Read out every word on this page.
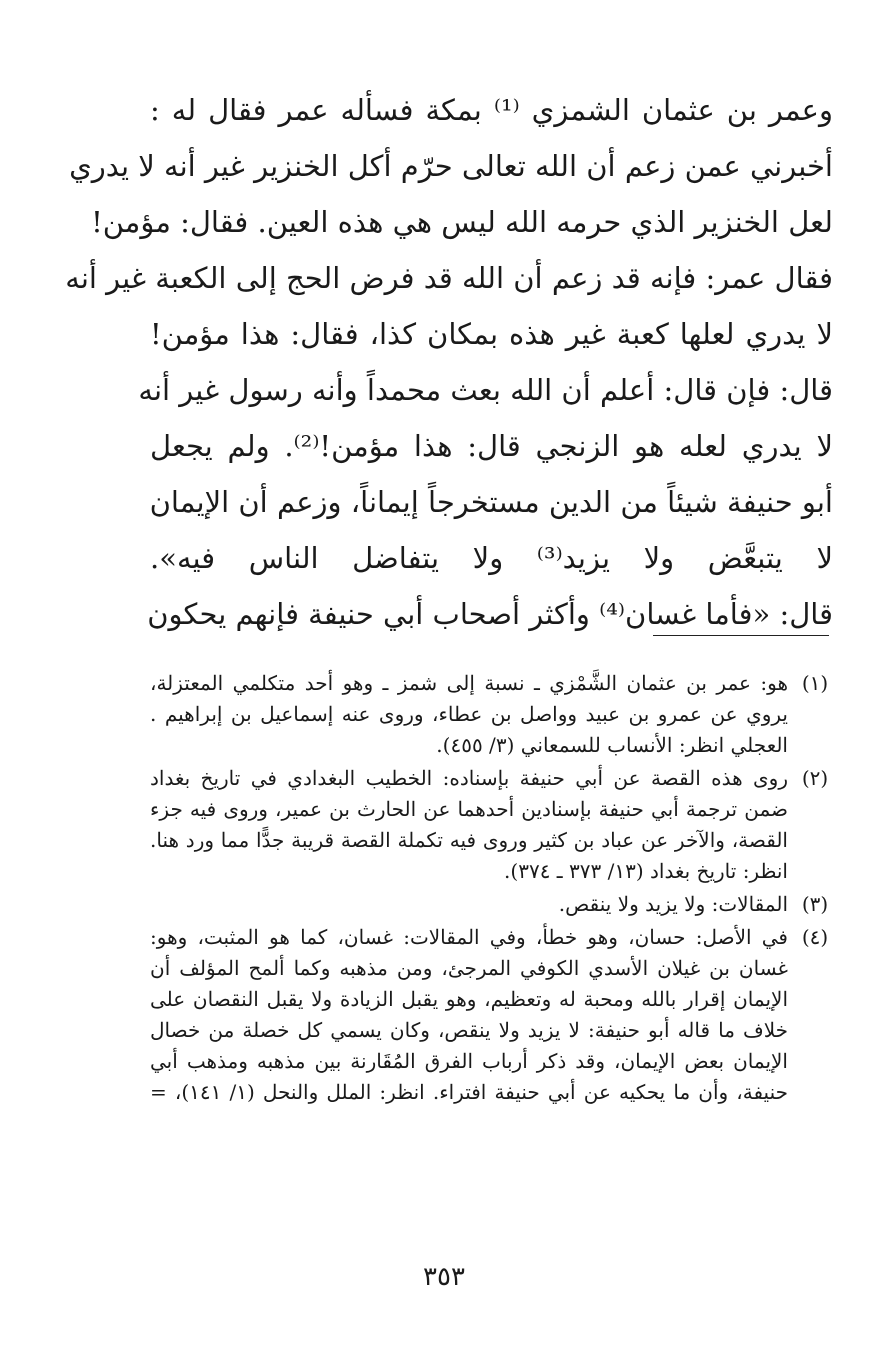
وعمر بن عثمان الشمزي ⁽¹⁾ بمكة فسأله عمر فقال له :
أخبرني عمن زعم أن الله تعالى حرّم أكل الخنزير غير أنه لا يدري
لعل الخنزير الذي حرمه الله ليس هي هذه العين. فقال: مؤمن!
فقال عمر: فإنه قد زعم أن الله قد فرض الحج إلى الكعبة غير أنه
لا يدري لعلها كعبة غير هذه بمكان كذا، فقال: هذا مؤمن!
قال: فإن قال: أعلم أن الله بعث محمداً وأنه رسول غير أنه
لا يدري لعله هو الزنجي قال: هذا مؤمن!⁽²⁾. ولم يجعل
أبو حنيفة شيئاً من الدين مستخرجاً إيماناً، وزعم أن الإيمان
لا يتبعَّض ولا يزيد⁽³⁾ ولا يتفاضل الناس فيه».
قال: «فأما غسان⁽⁴⁾ وأكثر أصحاب أبي حنيفة فإنهم يحكون
(١)
هو: عمر بن عثمان الشَّمْزي ـ نسبة إلى شمز ـ وهو أحد متكلمي المعتزلة،
يروي عن عمرو بن عبيد وواصل بن عطاء، وروى عنه إسماعيل بن إبراهيم .
العجلي انظر: الأنساب للسمعاني (٣/ ٤٥٥).
(٢)
روى هذه القصة عن أبي حنيفة بإسناده: الخطيب البغدادي في تاريخ بغداد
ضمن ترجمة أبي حنيفة بإسنادين أحدهما عن الحارث بن عمير، وروى فيه جزء
القصة، والآخر عن عباد بن كثير وروى فيه تكملة القصة قريبة جدًّا مما ورد هنا.
انظر: تاريخ بغداد (١٣/ ٣٧٣ ـ ٣٧٤).
(٣)
المقالات: ولا يزيد ولا ينقص.
(٤)
في الأصل: حسان، وهو خطأ، وفي المقالات: غسان، كما هو المثبت، وهو:
غسان بن غيلان الأسدي الكوفي المرجئ، ومن مذهبه وكما ألمح المؤلف أن
الإيمان إقرار بالله ومحبة له وتعظيم، وهو يقبل الزيادة ولا يقبل النقصان على
خلاف ما قاله أبو حنيفة: لا يزيد ولا ينقص، وكان يسمي كل خصلة من خصال
الإيمان بعض الإيمان، وقد ذكر أرباب الفرق المُقَارنة بين مذهبه ومذهب أبي
حنيفة، وأن ما يحكيه عن أبي حنيفة افتراء. انظر: الملل والنحل (١/ ١٤١)، =
٣٥٣
